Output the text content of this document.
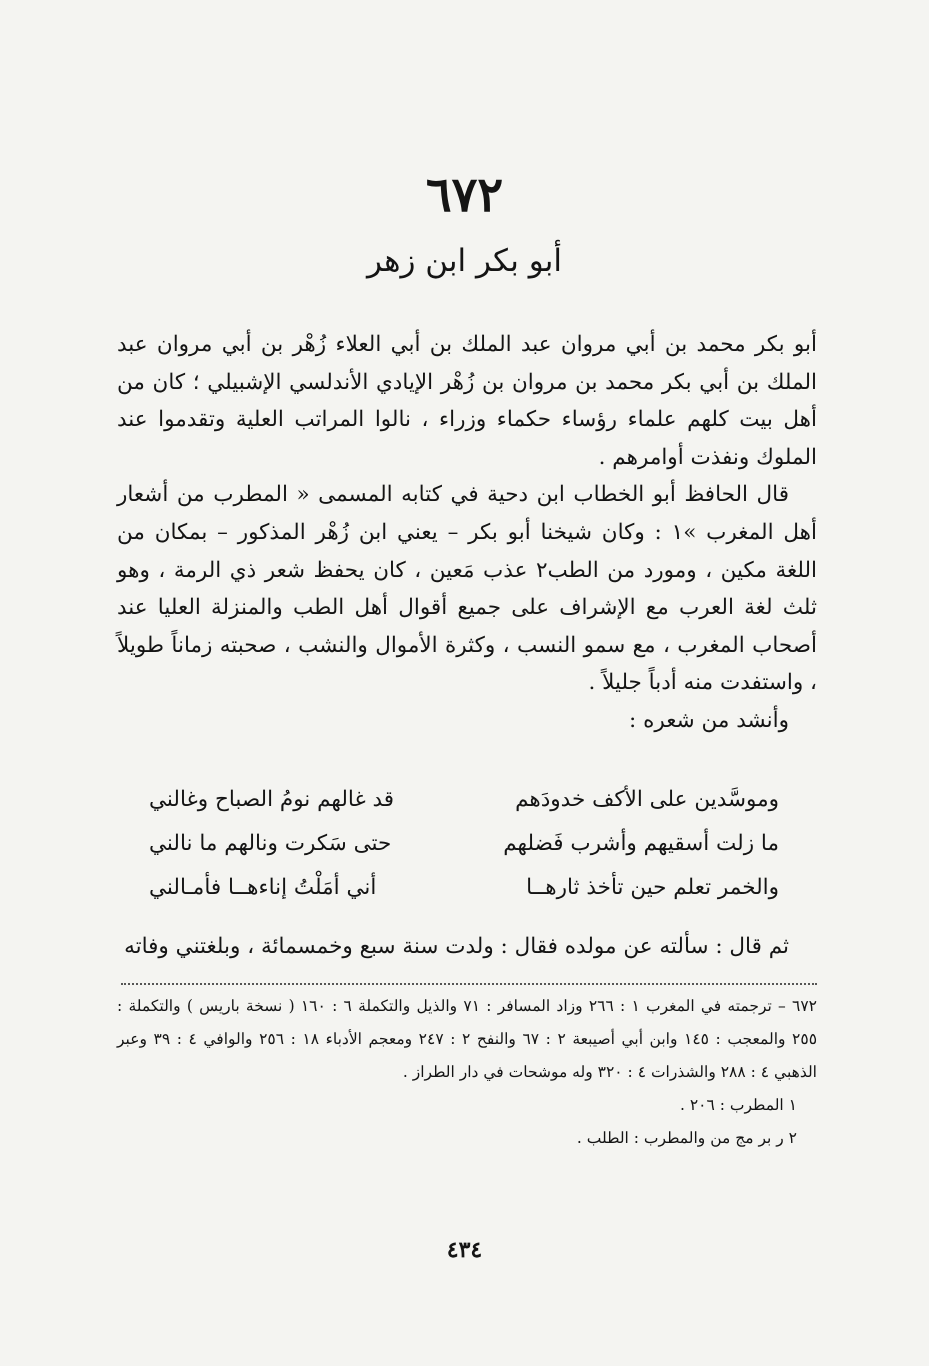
٦٧٢
أبو بكر ابن زهر

أبو بكر محمد بن أبي مروان عبد الملك بن أبي العلاء زُهْر بن أبي مروان عبد الملك بن أبي بكر محمد بن مروان بن زُهْر الإيادي الأندلسي الإشبيلي ؛ كان من أهل بيت كلهم علماء رؤساء حكماء وزراء ، نالوا المراتب العلية وتقدموا عند الملوك ونفذت أوامرهم .

قال الحافظ أبو الخطاب ابن دحية في كتابه المسمى « المطرب من أشعار أهل المغرب »١ : وكان شيخنا أبو بكر – يعني ابن زُهْر المذكور – بمكان من اللغة مكين ، ومورد من الطب٢ عذب مَعين ، كان يحفظ شعر ذي الرمة ، وهو ثلث لغة العرب مع الإشراف على جميع أقوال أهل الطب والمنزلة العليا عند أصحاب المغرب ، مع سمو النسب ، وكثرة الأموال والنشب ، صحبته زماناً طويلاً ، واستفدت منه أدباً جليلاً .

وأنشد من شعره :

وموسَّدين على الأكف خدودَهم
قد غالهم نومُ الصباح وغالني
ما زلت أسقيهم وأشرب فَضلهم
حتى سَكرت ونالهم ما نالني
والخمر تعلم حين تأخذ ثارهــا
أني أمَلْتُ إناءهــا فأمـالني

ثم قال : سألته عن مولده فقال : ولدت سنة سبع وخمسمائة ، وبلغتني وفاته

٦٧٢ – ترجمته في المغرب ١ : ٢٦٦ وزاد المسافر : ٧١ والذيل والتكملة ٦ : ١٦٠ ( نسخة باريس ) والتكملة : ٢٥٥ والمعجب : ١٤٥ وابن أبي أصيبعة ٢ : ٦٧ والنفح ٢ : ٢٤٧ ومعجم الأدباء ١٨ : ٢٥٦ والوافي ٤ : ٣٩ وعبر الذهبي ٤ : ٢٨٨ والشذرات ٤ : ٣٢٠ وله موشحات في دار الطراز .

١ المطرب : ٢٠٦ .

٢ ر بر مج من والمطرب : الطلب .

٤٣٤
